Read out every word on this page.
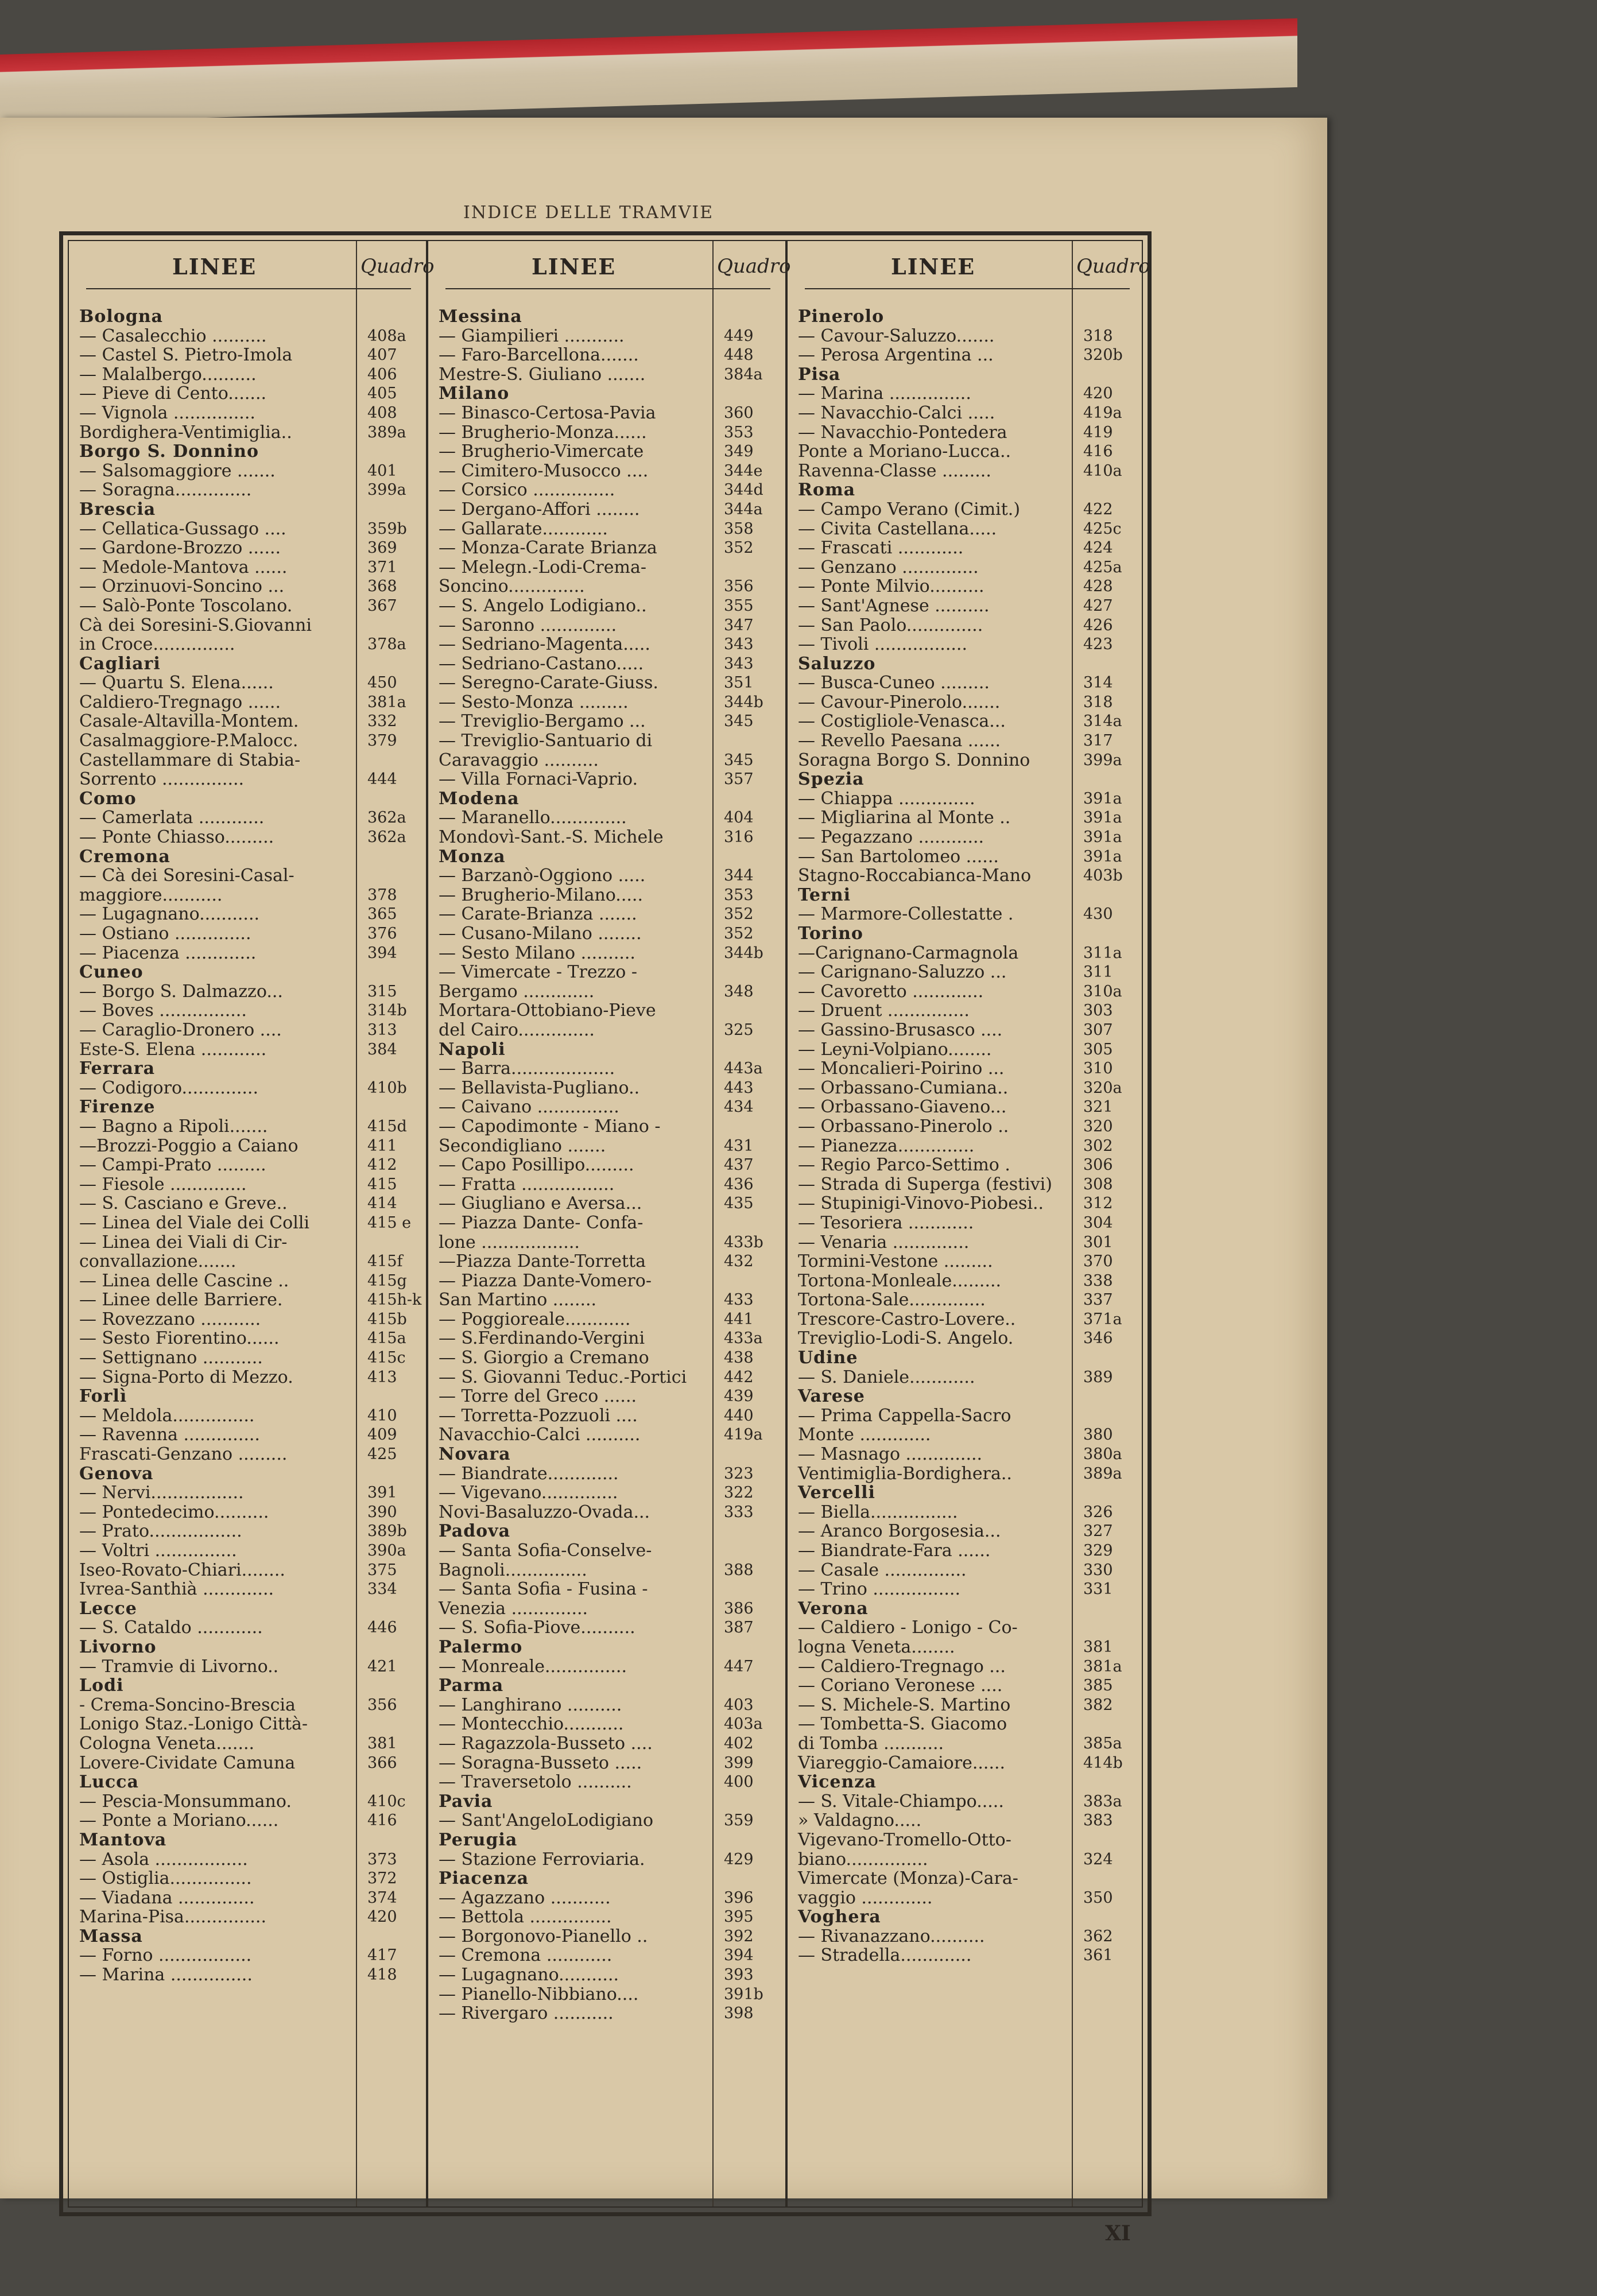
INDICE DELLE TRAMVIE
LINEE	Quadro
Bologna
— Casalecchio ..........	408a
— Castel S. Pietro-Imola	407
— Malalbergo..........	406
— Pieve di Cento.......	405
— Vignola ...............	408
Bordighera-Ventimiglia..	389a
Borgo S. Donnino
— Salsomaggiore .......	401
— Soragna..............	399a
Brescia
— Cellatica-Gussago ....	359b
— Gardone-Brozzo ......	369
— Medole-Mantova ......	371
— Orzinuovi-Soncino ...	368
— Salò-Ponte Toscolano.	367
Cà dei Soresini-S.Giovanni
in Croce...............	378a
Cagliari
— Quartu S. Elena......	450
Caldiero-Tregnago ......	381a
Casale-Altavilla-Montem.	332
Casalmaggiore-P.Malocc.	379
Castellammare di Stabia-
Sorrento ...............	444
Como
— Camerlata ............	362a
— Ponte Chiasso.........	362a
Cremona
— Cà dei Soresini-Casal-
maggiore...........	378
— Lugagnano...........	365
— Ostiano ..............	376
— Piacenza .............	394
Cuneo
— Borgo S. Dalmazzo...	315
— Boves ................	314b
— Caraglio-Dronero ....	313
Este-S. Elena ............	384
Ferrara
— Codigoro..............	410b
Firenze
— Bagno a Ripoli.......	415d
—Brozzi-Poggio a Caiano	411
— Campi-Prato .........	412
— Fiesole ..............	415
— S. Casciano e Greve..	414
— Linea del Viale dei Colli	415 e
— Linea dei Viali di Cir-
convallazione.......	415f
— Linea delle Cascine ..	415g
— Linee delle Barriere.	415h-k
— Rovezzano ...........	415b
— Sesto Fiorentino......	415a
— Settignano ...........	415c
— Signa-Porto di Mezzo.	413
Forlì
— Meldola...............	410
— Ravenna ..............	409
Frascati-Genzano .........	425
Genova
— Nervi.................	391
— Pontedecimo..........	390
— Prato.................	389b
— Voltri ...............	390a
Iseo-Rovato-Chiari........	375
Ivrea-Santhià .............	334
Lecce
— S. Cataldo ............	446
Livorno
— Tramvie di Livorno..	421
Lodi
- Crema-Soncino-Brescia	356
Lonigo Staz.-Lonigo Città-
Cologna Veneta.......	381
Lovere-Cividate Camuna	366
Lucca
— Pescia-Monsummano.	410c
— Ponte a Moriano......	416
Mantova
— Asola .................	373
— Ostiglia...............	372
— Viadana ..............	374
Marina-Pisa...............	420
Massa
— Forno .................	417
— Marina ...............	418
LINEE	Quadro
Messina
— Giampilieri ...........	449
— Faro-Barcellona.......	448
Mestre-S. Giuliano .......	384a
Milano
— Binasco-Certosa-Pavia	360
— Brugherio-Monza......	353
— Brugherio-Vimercate	349
— Cimitero-Musocco ....	344e
— Corsico ...............	344d
— Dergano-Affori ........	344a
— Gallarate............	358
— Monza-Carate Brianza	352
— Melegn.-Lodi-Crema-
Soncino..............	356
— S. Angelo Lodigiano..	355
— Saronno ..............	347
— Sedriano-Magenta.....	343
— Sedriano-Castano.....	343
— Seregno-Carate-Giuss.	351
— Sesto-Monza .........	344b
— Treviglio-Bergamo ...	345
— Treviglio-Santuario di
Caravaggio ..........	345
— Villa Fornaci-Vaprio.	357
Modena
— Maranello..............	404
Mondovì-Sant.-S. Michele	316
Monza
— Barzanò-Oggiono .....	344
— Brugherio-Milano.....	353
— Carate-Brianza .......	352
— Cusano-Milano ........	352
— Sesto Milano ..........	344b
— Vimercate - Trezzo -
Bergamo .............	348
Mortara-Ottobiano-Pieve
del Cairo..............	325
Napoli
— Barra...................	443a
— Bellavista-Pugliano..	443
— Caivano ...............	434
— Capodimonte - Miano -
Secondigliano .......	431
— Capo Posillipo.........	437
— Fratta .................	436
— Giugliano e Aversa...	435
— Piazza Dante- Confa-
lone ..................	433b
—Piazza Dante-Torretta	432
— Piazza Dante-Vomero-
San Martino ........	433
— Poggioreale............	441
— S.Ferdinando-Vergini	433a
— S. Giorgio a Cremano	438
— S. Giovanni Teduc.-Portici	442
— Torre del Greco ......	439
— Torretta-Pozzuoli ....	440
Navacchio-Calci ..........	419a
Novara
— Biandrate.............	323
— Vigevano..............	322
Novi-Basaluzzo-Ovada...	333
Padova
— Santa Sofia-Conselve-
Bagnoli...............	388
— Santa Sofia - Fusina -
Venezia ..............	386
— S. Sofia-Piove..........	387
Palermo
— Monreale...............	447
Parma
— Langhirano ..........	403
— Montecchio...........	403a
— Ragazzola-Busseto ....	402
— Soragna-Busseto .....	399
— Traversetolo ..........	400
Pavia
— Sant'AngeloLodigiano	359
Perugia
— Stazione Ferroviaria.	429
Piacenza
— Agazzano ...........	396
— Bettola ...............	395
— Borgonovo-Pianello ..	392
— Cremona ............	394
— Lugagnano...........	393
— Pianello-Nibbiano....	391b
— Rivergaro ...........	398
LINEE	Quadro
Pinerolo
— Cavour-Saluzzo.......	318
— Perosa Argentina ...	320b
Pisa
— Marina ...............	420
— Navacchio-Calci .....	419a
— Navacchio-Pontedera	419
Ponte a Moriano-Lucca..	416
Ravenna-Classe .........	410a
Roma
— Campo Verano (Cimit.)	422
— Civita Castellana.....	425c
— Frascati ............	424
— Genzano ..............	425a
— Ponte Milvio..........	428
— Sant'Agnese ..........	427
— San Paolo..............	426
— Tivoli .................	423
Saluzzo
— Busca-Cuneo .........	314
— Cavour-Pinerolo.......	318
— Costigliole-Venasca...	314a
— Revello Paesana ......	317
Soragna Borgo S. Donnino	399a
Spezia
— Chiappa ..............	391a
— Migliarina al Monte ..	391a
— Pegazzano ............	391a
— San Bartolomeo ......	391a
Stagno-Roccabianca-Mano	403b
Terni
— Marmore-Collestatte .	430
Torino
—Carignano-Carmagnola	311a
— Carignano-Saluzzo ...	311
— Cavoretto .............	310a
— Druent ...............	303
— Gassino-Brusasco ....	307
— Leyni-Volpiano........	305
— Moncalieri-Poirino ...	310
— Orbassano-Cumiana..	320a
— Orbassano-Giaveno...	321
— Orbassano-Pinerolo ..	320
— Pianezza..............	302
— Regio Parco-Settimo .	306
— Strada di Superga (festivi)	308
— Stupinigi-Vinovo-Piobesi..	312
— Tesoriera ............	304
— Venaria ..............	301
Tormini-Vestone .........	370
Tortona-Monleale.........	338
Tortona-Sale..............	337
Trescore-Castro-Lovere..	371a
Treviglio-Lodi-S. Angelo.	346
Udine
— S. Daniele............	389
Varese
— Prima Cappella-Sacro
Monte .............	380
— Masnago ..............	380a
Ventimiglia-Bordighera..	389a
Vercelli
— Biella................	326
— Aranco Borgosesia...	327
— Biandrate-Fara ......	329
— Casale ...............	330
— Trino ................	331
Verona
— Caldiero - Lonigo - Co-
logna Veneta........	381
— Caldiero-Tregnago ...	381a
— Coriano Veronese ....	385
— S. Michele-S. Martino	382
— Tombetta-S. Giacomo
di Tomba ...........	385a
Viareggio-Camaiore......	414b
Vicenza
— S. Vitale-Chiampo.....	383a
» Valdagno.....	383
Vigevano-Tromello-Otto-
biano...............	324
Vimercate (Monza)-Cara-
vaggio .............	350
Voghera
— Rivanazzano..........	362
— Stradella.............	361
XI
